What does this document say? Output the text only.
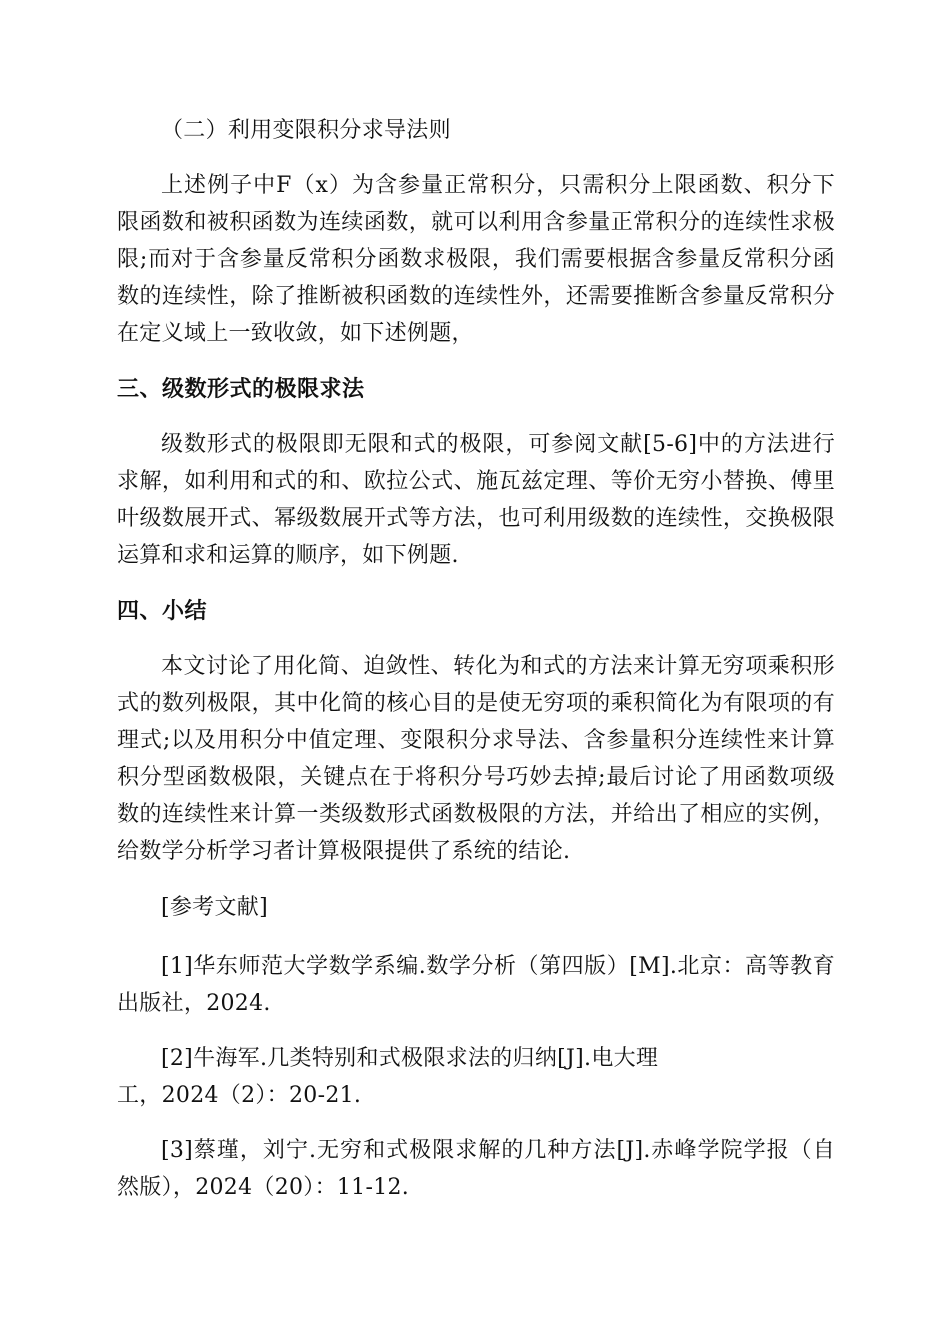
（二）利用变限积分求导法则

上述例子中F（x）为含参量正常积分，只需积分上限函数、积分下限函数和被积函数为连续函数，就可以利用含参量正常积分的连续性求极限;而对于含参量反常积分函数求极限，我们需要根据含参量反常积分函数的连续性，除了推断被积函数的连续性外，还需要推断含参量反常积分在定义域上一致收敛，如下述例题，

三、级数形式的极限求法

级数形式的极限即无限和式的极限，可参阅文献[5-6]中的方法进行求解，如利用和式的和、欧拉公式、施瓦兹定理、等价无穷小替换、傅里叶级数展开式、幂级数展开式等方法，也可利用级数的连续性，交换极限运算和求和运算的顺序，如下例题.

四、小结

本文讨论了用化简、迫敛性、转化为和式的方法来计算无穷项乘积形式的数列极限，其中化简的核心目的是使无穷项的乘积简化为有限项的有理式;以及用积分中值定理、变限积分求导法、含参量积分连续性来计算积分型函数极限，关键点在于将积分号巧妙去掉;最后讨论了用函数项级数的连续性来计算一类级数形式函数极限的方法，并给出了相应的实例，给数学分析学习者计算极限提供了系统的结论.

[参考文献]

[1]华东师范大学数学系编.数学分析（第四版）[M].北京：高等教育出版社，2024.

[2]牛海军.几类特别和式极限求法的归纳[J].电大理

工，2024（2）：20-21.

[3]蔡瑾，刘宁.无穷和式极限求解的几种方法[J].赤峰学院学报（自然版），2024（20）：11-12.
